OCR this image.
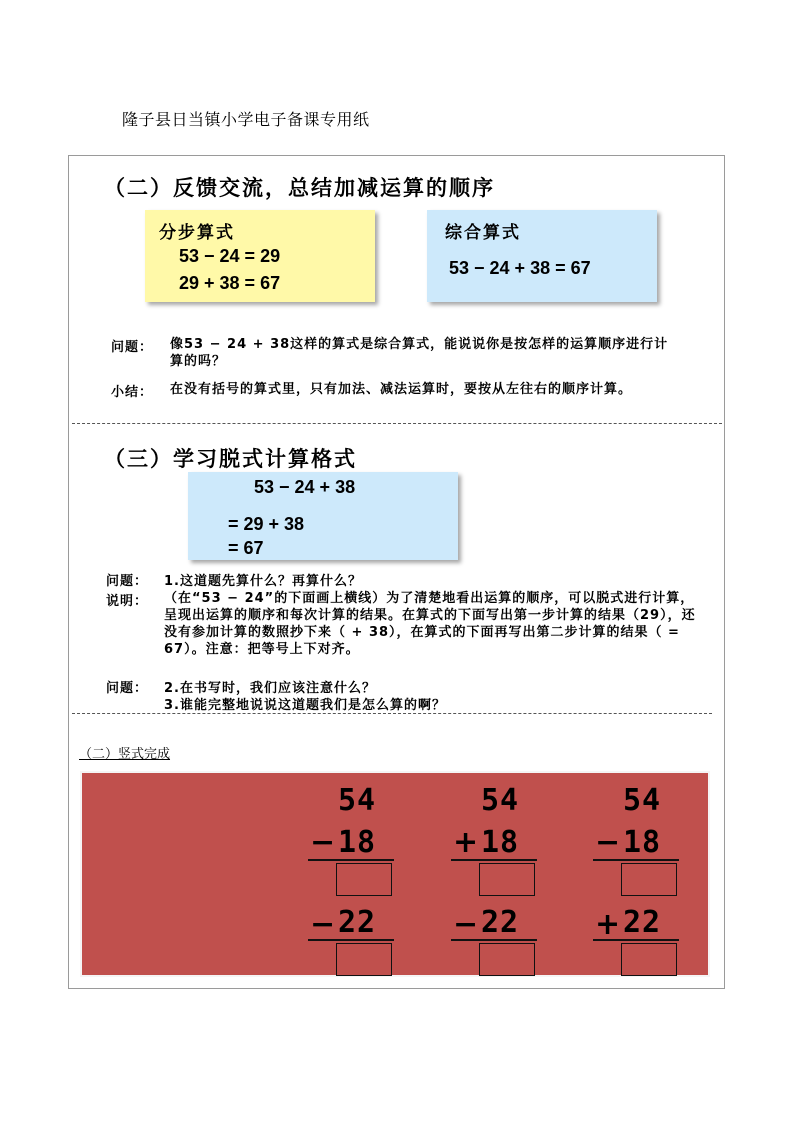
隆子县日当镇小学电子备课专用纸
（二）反馈交流，总结加减运算的顺序
分步算式
53 − 24 = 29
29 + 38 = 67
综合算式
53 − 24 + 38 = 67
问题： 像53 − 24 + 38这样的算式是综合算式，能说说你是按怎样的运算顺序进行计算的吗？
小结： 在没有括号的算式里，只有加法、减法运算时，要按从左往右的顺序计算。
（三）学习脱式计算格式
53 − 24 + 38
= 29 + 38
= 67
问题： 1.这道题先算什么？再算什么？
说明： （在“53 − 24”的下面画上横线）为了清楚地看出运算的顺序，可以脱式进行计算，呈现出运算的顺序和每次计算的结果。在算式的下面写出第一步计算的结果（29），还没有参加计算的数照抄下来（ + 38），在算式的下面再写出第二步计算的结果（ = 67）。注意：把等号上下对齐。
问题： 2.在书写时，我们应该注意什么？
3.谁能完整地说说这道题我们是怎么算的啊？
（二）竖式完成
54
− 18
− 22
54
+ 18
− 22
54
− 18
+ 22
